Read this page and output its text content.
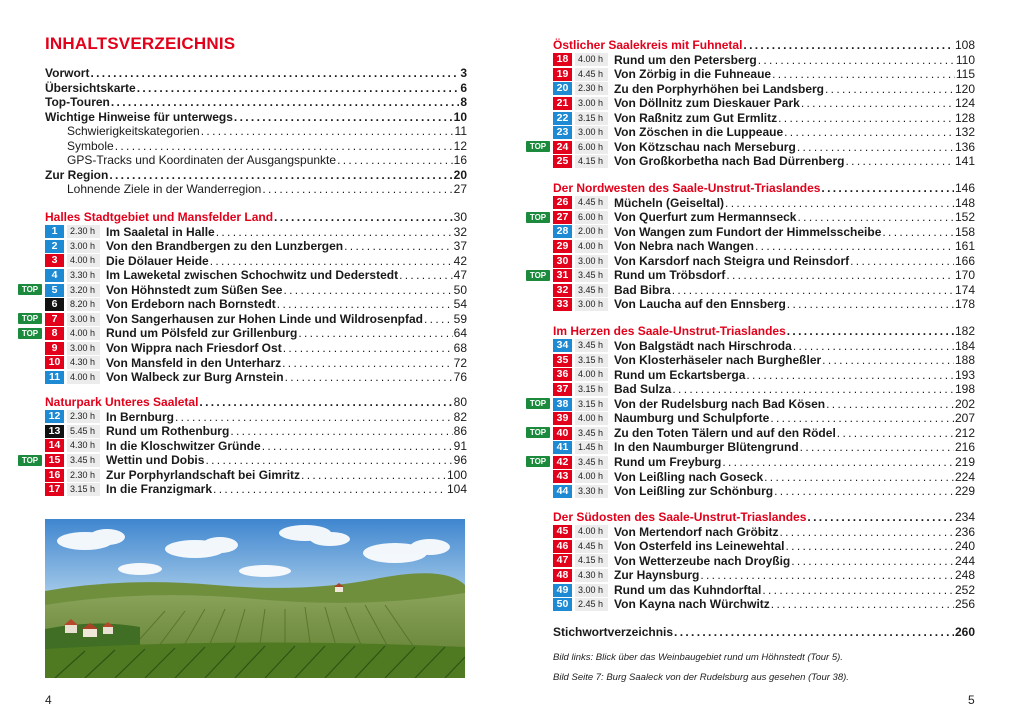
INHALTSVERZEICHNIS
Vorwort . . .	3
Übersichtskarte . . .	6
Top-Touren . . .	8
Wichtige Hinweise für unterwegs . . .	10
Schwierigkeitskategorien . . .	11
Symbole . . .	12
GPS-Tracks und Koordinaten der Ausgangspunkte . . .	16
Zur Region . . .	20
Lohnende Ziele in der Wanderregion . . .	27
Halles Stadtgebiet und Mansfelder Land . . .	30
1	2.30 h Im Saaletal in Halle . . .	32
2	3.00 h Von den Brandbergen zu den Lunzbergen . . .	37
3	4.00 h Die Dölauer Heide . . .	42
4	3.30 h Im Laweketal zwischen Schochwitz und Dederstedt . . .	47
TOP	5	3.20 h Von Höhnstedt zum Süßen See . . .	50
6	8.20 h Von Erdeborn nach Bornstedt . . .	54
TOP	7	3.00 h Von Sangerhausen zur Hohen Linde und Wildrosenpfad . . .	59
TOP	8	4.00 h Rund um Pölsfeld zur Grillenburg . . .	64
9	3.00 h Von Wippra nach Friesdorf Ost . . .	68
10	4.30 h Von Mansfeld in den Unterharz . . .	72
11	4.00 h Von Walbeck zur Burg Arnstein . . .	76
Naturpark Unteres Saaletal . . .	80
12	2.30 h In Bernburg . . .	82
13	5.45 h Rund um Rothenburg . . .	86
14	4.30 h In die Kloschwitzer Gründe . . .	91
TOP	15	3.45 h Wettin und Dobis . . .	96
16	2.30 h Zur Porphyrlandschaft bei Gimritz . . .	100
17	3.15 h In die Franzigmark . . .	104
4
Östlicher Saalekreis mit Fuhnetal . . .	108
18	4.00 h Rund um den Petersberg . . .	110
19	4.45 h Von Zörbig in die Fuhneaue . . .	115
20	2.30 h Zu den Porphyrhöhen bei Landsberg . . .	120
21	3.00 h Von Döllnitz zum Dieskauer Park . . .	124
22	3.15 h Von Raßnitz zum Gut Ermlitz . . .	128
23	3.00 h Von Zöschen in die Luppeaue . . .	132
TOP	24	6.00 h Von Kötzschau nach Merseburg . . .	136
25	4.15 h Von Großkorbetha nach Bad Dürrenberg . . .	141
Der Nordwesten des Saale-Unstrut-Triaslandes . . .	146
26	4.45 h Mücheln (Geiseltal) . . .	148
TOP	27	6.00 h Von Querfurt zum Hermannseck . . .	152
28	2.00 h Von Wangen zum Fundort der Himmelsscheibe . . .	158
29	4.00 h Von Nebra nach Wangen . . .	161
30	3.00 h Von Karsdorf nach Steigra und Reinsdorf . . .	166
TOP	31	3.45 h Rund um Tröbsdorf . . .	170
32	3.45 h Bad Bibra . . .	174
33	3.00 h Von Laucha auf den Ennsberg . . .	178
Im Herzen des Saale-Unstrut-Triaslandes . . .	182
34	3.45 h Von Balgstädt nach Hirschroda . . .	184
35	3.15 h Von Klosterhäseler nach Burgheßler . . .	188
36	4.00 h Rund um Eckartsberga . . .	193
37	3.15 h Bad Sulza . . .	198
TOP	38	3.15 h Von der Rudelsburg nach Bad Kösen . . .	202
39	4.00 h Naumburg und Schulpforte . . .	207
TOP	40	3.45 h Zu den Toten Tälern und auf den Rödel . . .	212
41	1.45 h In den Naumburger Blütengrund . . .	216
TOP	42	3.45 h Rund um Freyburg . . .	219
43	4.00 h Von Leißling nach Goseck . . .	224
44	3.30 h Von Leißling zur Schönburg . . .	229
Der Südosten des Saale-Unstrut-Triaslandes . . .	234
45	4.00 h Von Mertendorf nach Gröbitz . . .	236
46	4.45 h Von Osterfeld ins Leinewehtal . . .	240
47	4.15 h Von Wetterzeube nach Droyßig . . .	244
48	4.30 h Zur Haynsburg . . .	248
49	3.00 h Rund um das Kuhndorftal . . .	252
50	2.45 h Von Kayna nach Würchwitz . . .	256
Stichwortverzeichnis . . .	260
Bild links: Blick über das Weinbaugebiet rund um Höhnstedt (Tour 5).
Bild Seite 7: Burg Saaleck von der Rudelsburg aus gesehen (Tour 38).
5
